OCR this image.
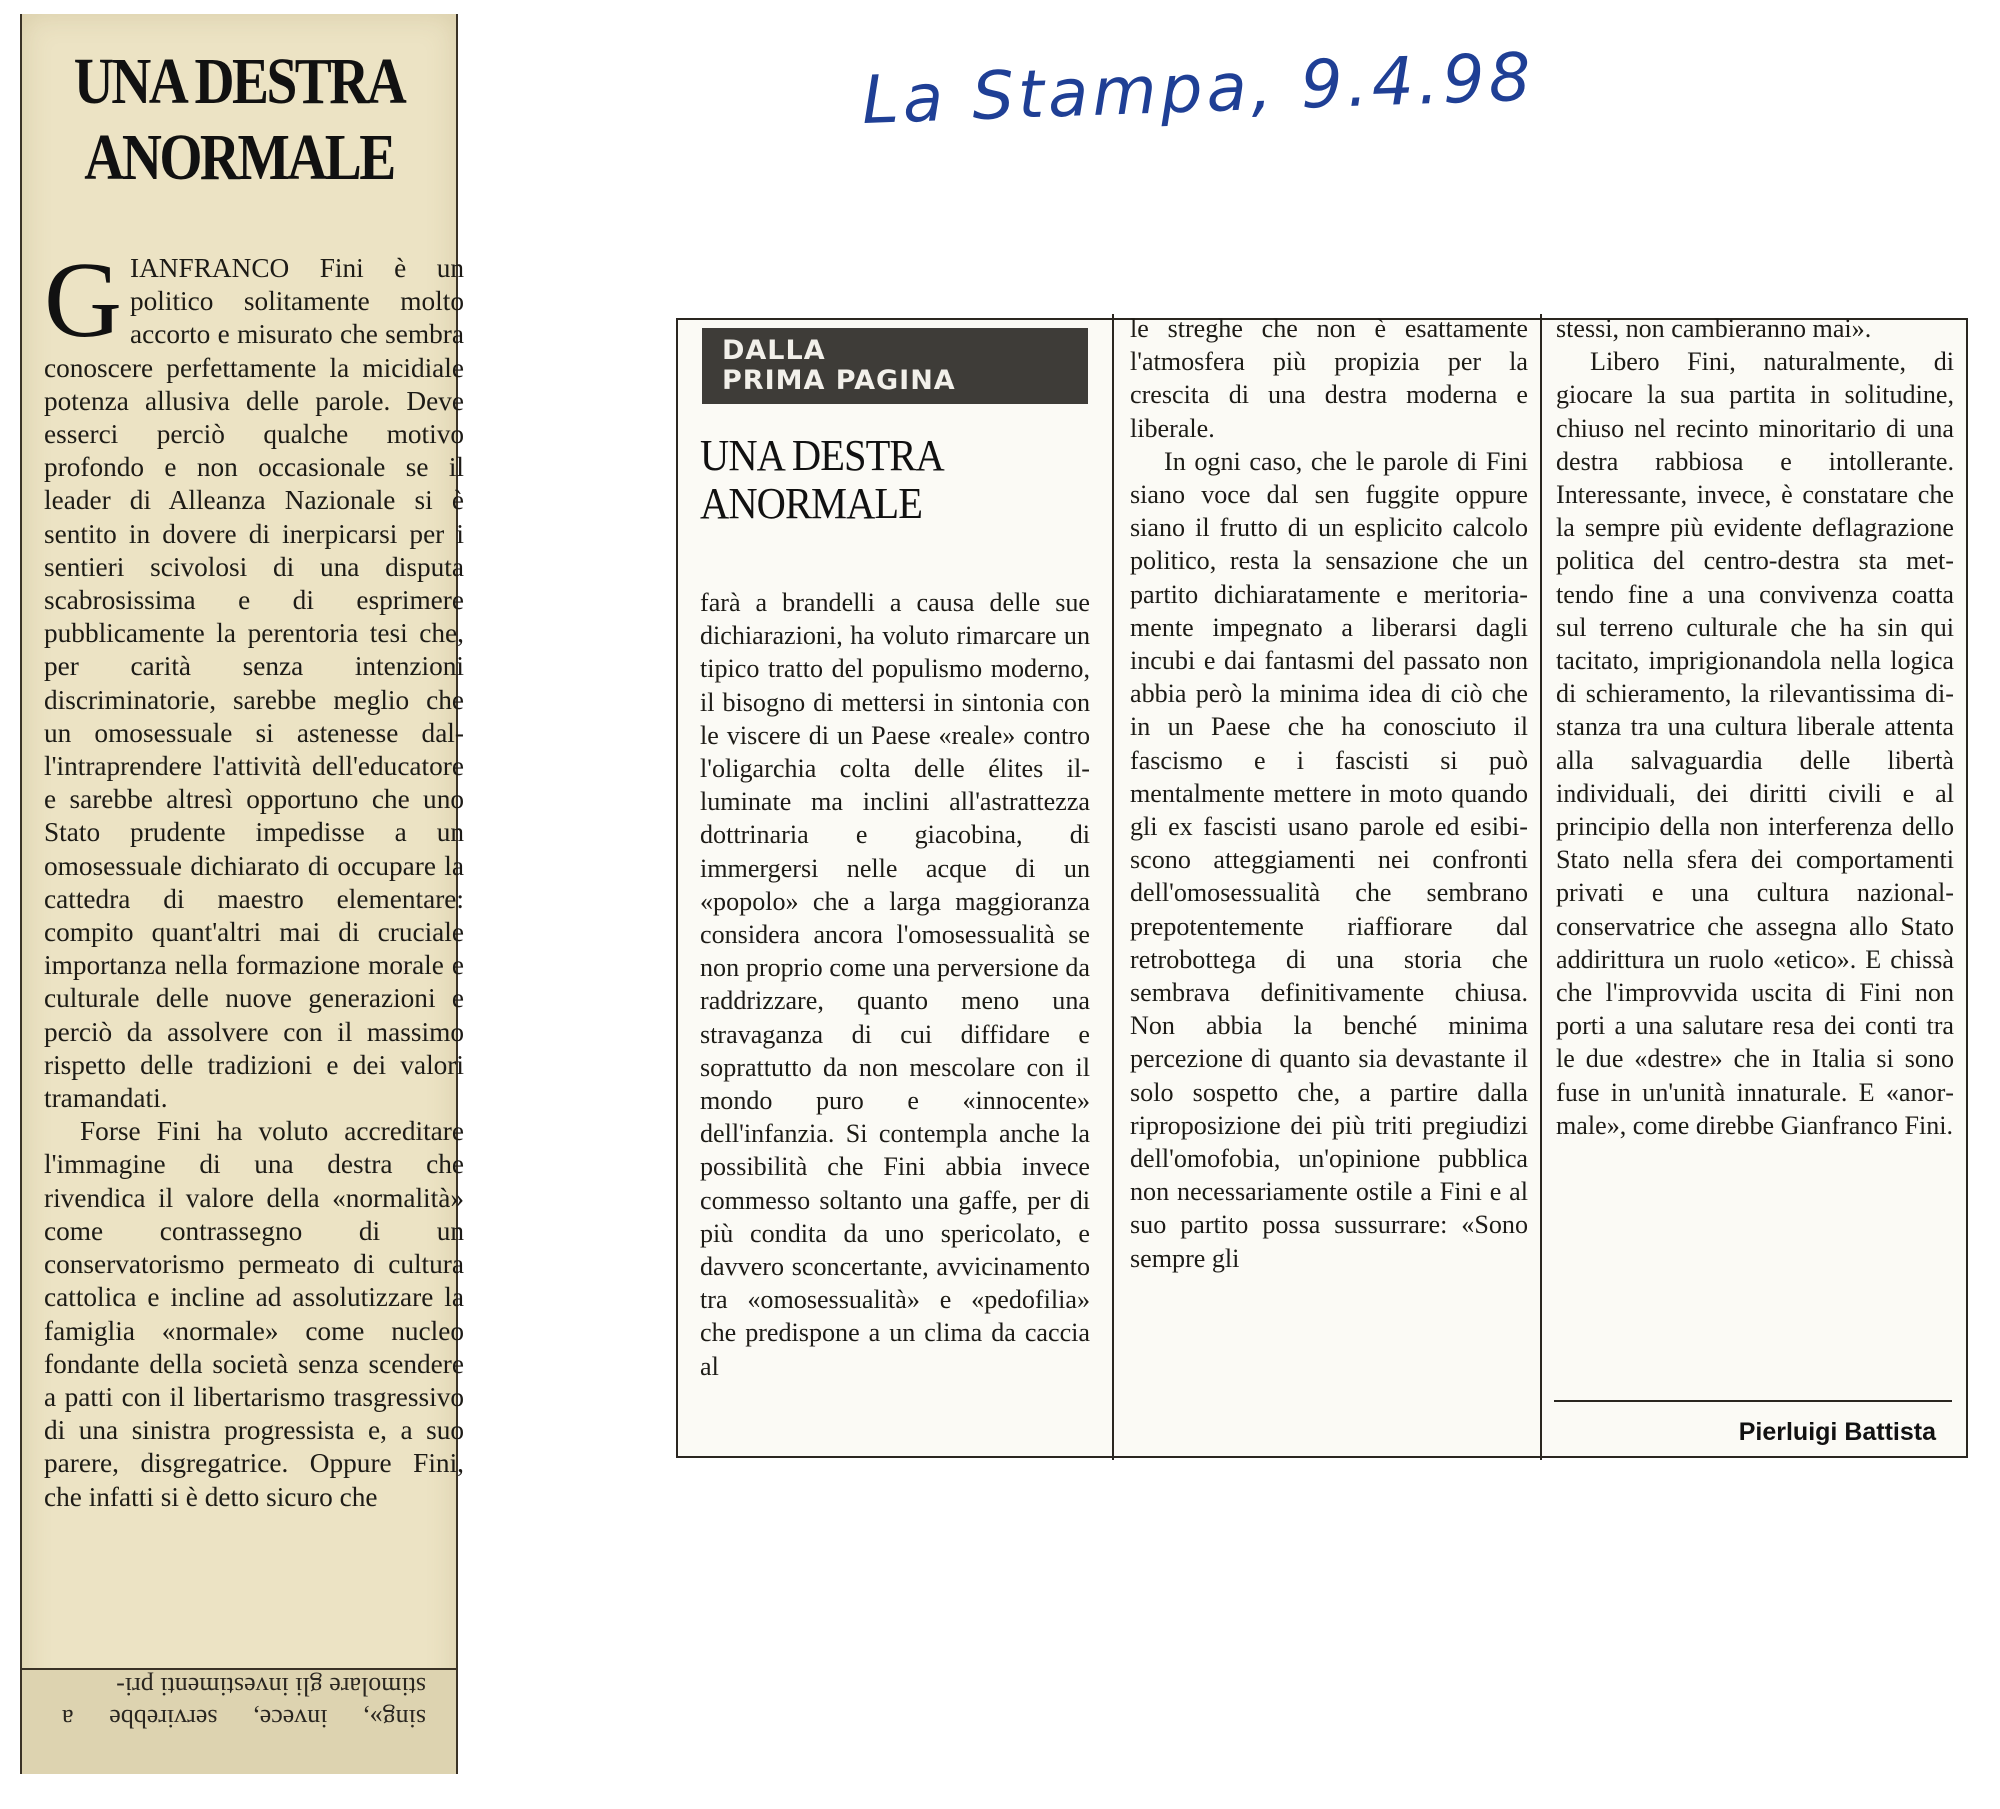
UNA DESTRA
ANORMALE

GIANFRANCO Fini è un politico solitamente molto accorto e misurato che sembra conoscere perfettamente la micidiale potenza allusiva delle parole. Deve esserci perciò qualche motivo profondo e non occasionale se il leader di Alleanza Nazionale si è sentito in dovere di inerpicarsi per i sentieri scivolosi di una disputa scabrosissima e di esprimere pubblicamente la perentoria tesi che, per carità senza intenzioni discriminatorie, sarebbe meglio che un omosessuale si astenesse dall'intraprendere l'attività dell'educatore e sarebbe altresì opportuno che uno Stato prudente impedisse a un omosessuale dichiarato di occupare la cattedra di maestro elementare: compito quant'altri mai di cruciale importanza nella formazione morale e culturale delle nuove generazioni e perciò da assolvere con il massimo rispetto delle tradizioni e dei valori tramandati.

Forse Fini ha voluto accreditare l'immagine di una destra che rivendica il valore della «normalità» come contrassegno di un conservatorismo permeato di cultura cattolica e incline ad assolutizzare la famiglia «normale» come nucleo fondante della società senza scendere a patti con il libertarismo trasgressivo di una sinistra progressista e, a suo parere, disgregatrice. Oppure Fini, che infatti si è detto sicuro che

sing», invece, servirebbe a stimolare gli investimenti pri-
La Stampa, 9.4.98
DALLA
PRIMA PAGINA
UNA DESTRA
ANORMALE

farà a brandelli a causa delle sue dichiarazioni, ha voluto rimarcare un tipico tratto del populismo moderno, il bisogno di mettersi in sintonia con le viscere di un Paese «reale» contro l'oligarchia colta delle élites illuminate ma inclini all'astrattezza dottrinaria e giacobina, di immergersi nelle acque di un «popolo» che a larga maggioranza considera ancora l'omosessualità se non proprio come una perversione da raddrizzare, quanto meno una stravaganza di cui diffidare e soprattutto da non mescolare con il mondo puro e «innocente» dell'infanzia. Si contempla anche la possibilità che Fini abbia invece commesso soltanto una gaffe, per di più condita da uno spericolato, e davvero sconcertante, avvicinamento tra «omosessualità» e «pedofilia» che predispone a un clima da caccia al

le streghe che non è esattamente l'atmosfera più propizia per la crescita di una destra moderna e liberale.

In ogni caso, che le parole di Fini siano voce dal sen fuggite oppure siano il frutto di un esplicito calcolo politico, resta la sensazione che un partito dichiaratamente e meritoriamente impegnato a liberarsi dagli incubi e dai fantasmi del passato non abbia però la minima idea di ciò che in un Paese che ha conosciuto il fascismo e i fascisti si può mentalmente mettere in moto quando gli ex fascisti usano parole ed esibiscono atteggiamenti nei confronti dell'omosessualità che sembrano prepotentemente riaffiorare dal retrobottega di una storia che sembrava definitivamente chiusa. Non abbia la benché minima percezione di quanto sia devastante il solo sospetto che, a partire dalla riproposizione dei più triti pregiudizi dell'omofobia, un'opinione pubblica non necessariamente ostile a Fini e al suo partito possa sussurrare: «Sono sempre gli

stessi, non cambieranno mai».

Libero Fini, naturalmente, di giocare la sua partita in solitudine, chiuso nel recinto minoritario di una destra rabbiosa e intollerante. Interessante, invece, è constatare che la sempre più evidente deflagrazione politica del centro-destra sta mettendo fine a una convivenza coatta sul terreno culturale che ha sin qui tacitato, imprigionandola nella logica di schieramento, la rilevantissima distanza tra una cultura liberale attenta alla salvaguardia delle libertà individuali, dei diritti civili e al principio della non interferenza dello Stato nella sfera dei comportamenti privati e una cultura nazional-conservatrice che assegna allo Stato addirittura un ruolo «etico». E chissà che l'improvvida uscita di Fini non porti a una salutare resa dei conti tra le due «destre» che in Italia si sono fuse in un'unità innaturale. E «anormale», come direbbe Gianfranco Fini.

Pierluigi Battista
